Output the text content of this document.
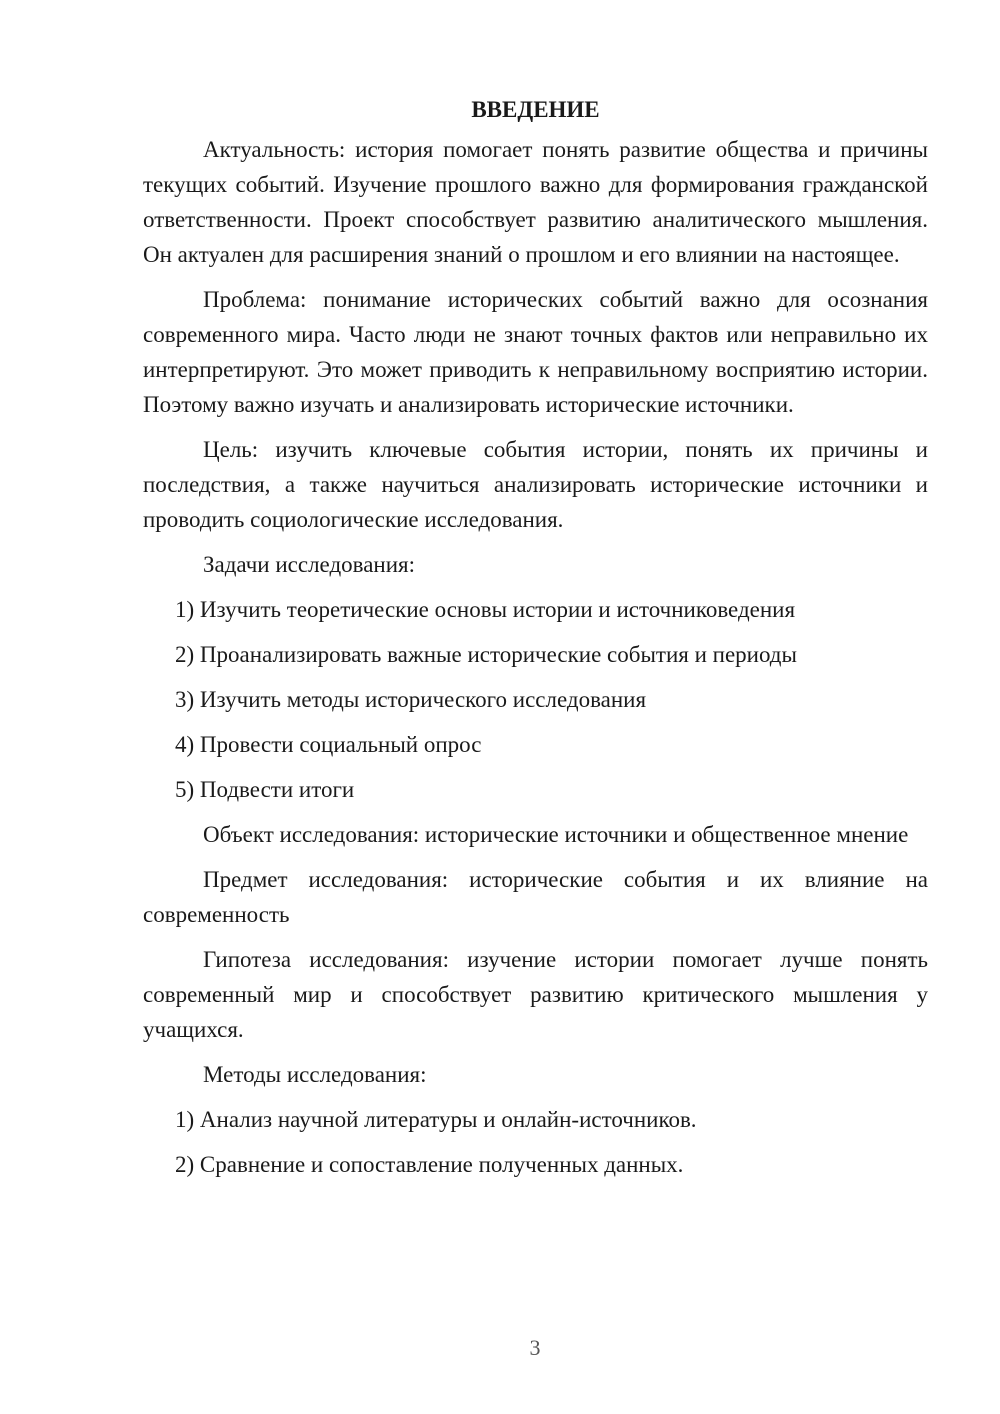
ВВЕДЕНИЕ

Актуальность: история помогает понять развитие общества и причины текущих событий. Изучение прошлого важно для формирования гражданской ответственности. Проект способствует развитию аналитического мышления. Он актуален для расширения знаний о прошлом и его влиянии на настоящее.

Проблема: понимание исторических событий важно для осознания современного мира. Часто люди не знают точных фактов или неправильно их интерпретируют. Это может приводить к неправильному восприятию истории. Поэтому важно изучать и анализировать исторические источники.

Цель: изучить ключевые события истории, понять их причины и последствия, а также научиться анализировать исторические источники и проводить социологические исследования.

Задачи исследования:

1) Изучить теоретические основы истории и источниковедения
2) Проанализировать важные исторические события и периоды
3) Изучить методы исторического исследования
4) Провести социальный опрос
5) Подвести итоги

Объект исследования: исторические источники и общественное мнение

Предмет исследования: исторические события и их влияние на современность

Гипотеза исследования: изучение истории помогает лучше понять современный мир и способствует развитию критического мышления у учащихся.

Методы исследования:

1) Анализ научной литературы и онлайн-источников.
2) Сравнение и сопоставление полученных данных.
3
